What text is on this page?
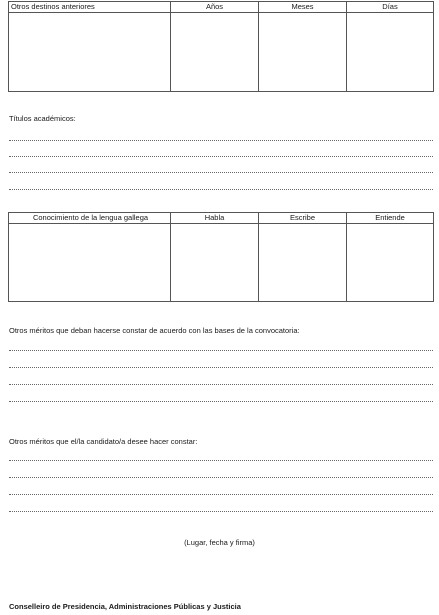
Otros destinos anteriores	Años	Meses	Días

Títulos académicos:
Conocimiento de la lengua gallega	Habla	Escribe	Entiende

Otros méritos que deban hacerse constar de acuerdo con las bases de la convocatoria:
Otros méritos que el/la candidato/a desee hacer constar:
(Lugar, fecha y firma)
Conselleiro de Presidencia, Administraciones Públicas y Justicia
